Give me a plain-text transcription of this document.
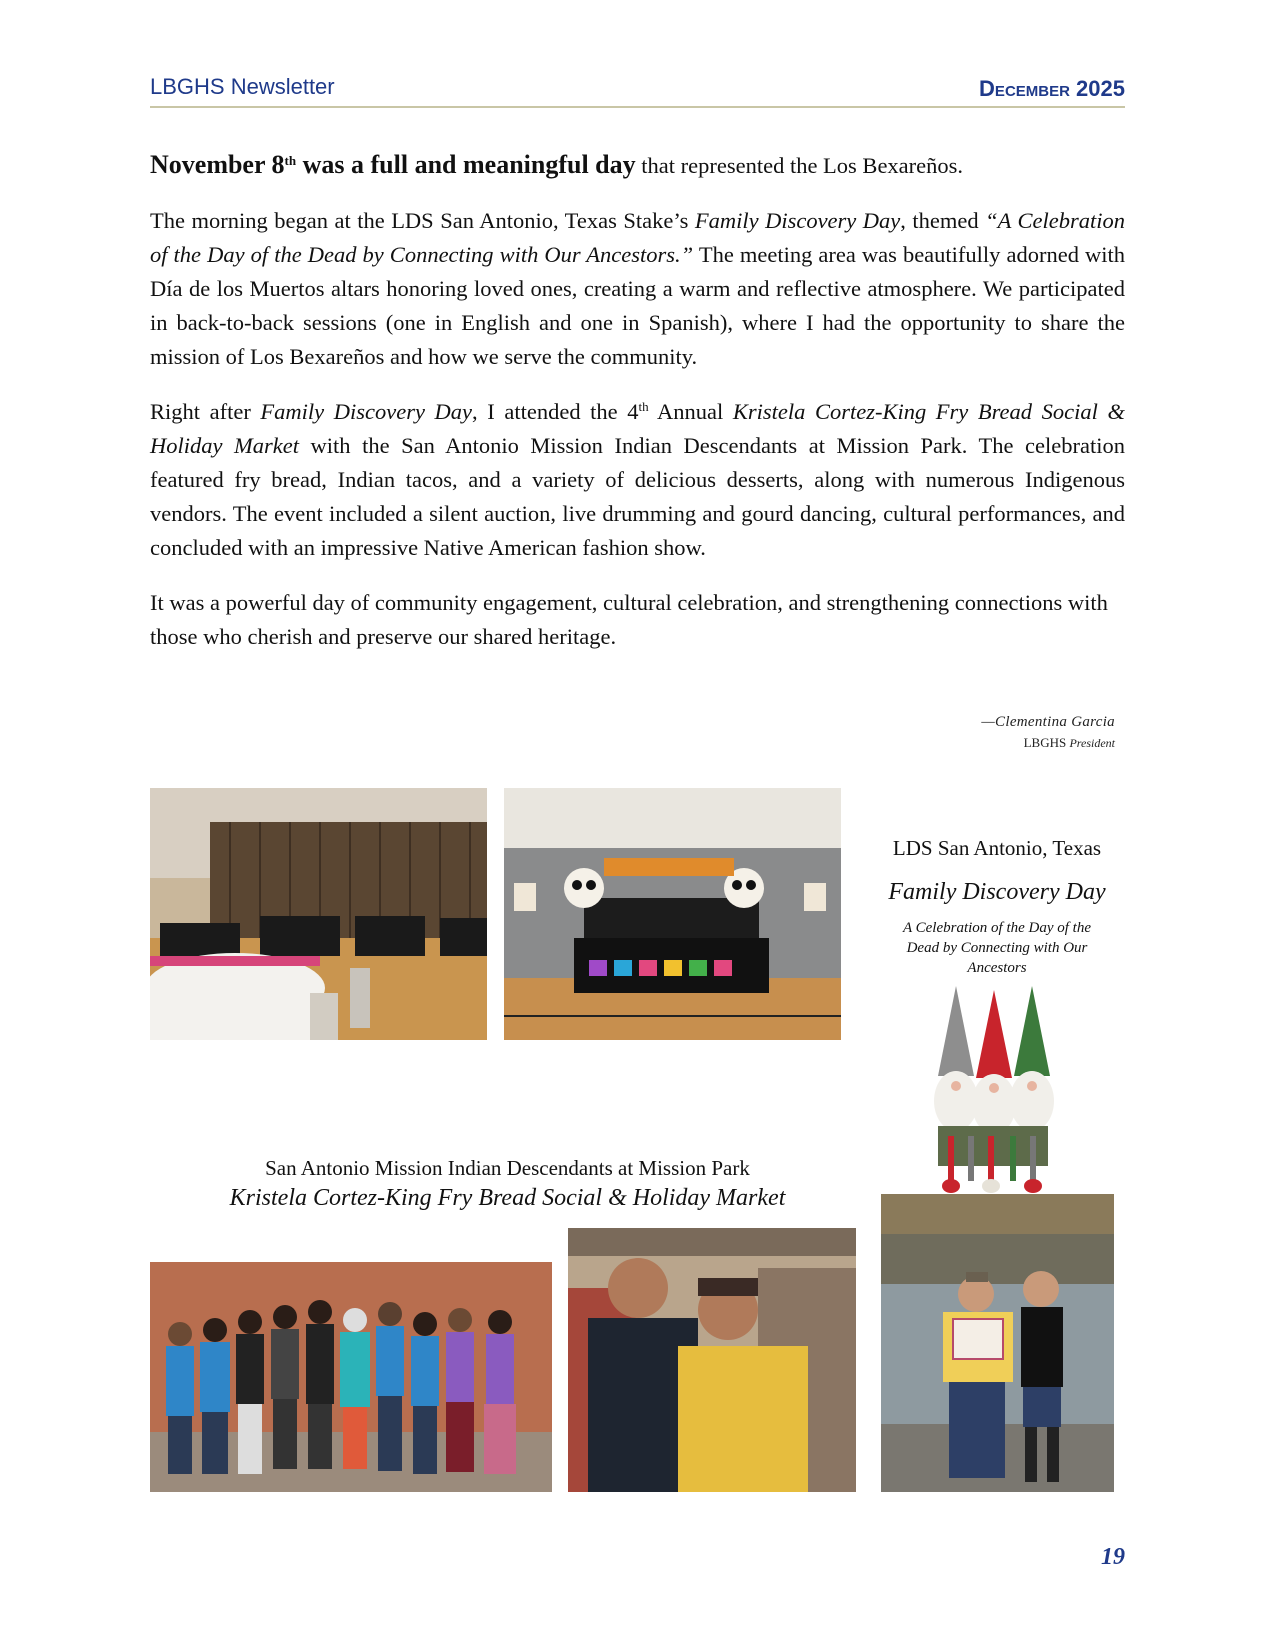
LBGHS Newsletter	December 2025

November 8th was a full and meaningful day that represented the Los Bexareños.

The morning began at the LDS San Antonio, Texas Stake’s Family Discovery Day, themed “A Celebration of the Day of the Dead by Connecting with Our Ancestors.” The meeting area was beautifully adorned with Día de los Muertos altars honoring loved ones, creating a warm and reflective atmosphere. We participated in back-to-back sessions (one in English and one in Spanish), where I had the opportunity to share the mission of Los Bexareños and how we serve the community.

Right after Family Discovery Day, I attended the 4th Annual Kristela Cortez-King Fry Bread Social & Holiday Market with the San Antonio Mission Indian Descendants at Mission Park. The celebration featured fry bread, Indian tacos, and a variety of delicious desserts, along with numerous Indigenous vendors. The event included a silent auction, live drumming and gourd dancing, cultural performances, and concluded with an impressive Native American fashion show.

It was a powerful day of community engagement, cultural celebration, and strengthening connections with those who cherish and preserve our shared heritage.

—Clementina Garcia
LBGHS President
LDS San Antonio, Texas
Family Discovery Day
A Celebration of the Day of the Dead by Connecting with Our Ancestors
San Antonio Mission Indian Descendants at Mission Park
Kristela Cortez-King Fry Bread Social & Holiday Market
19
